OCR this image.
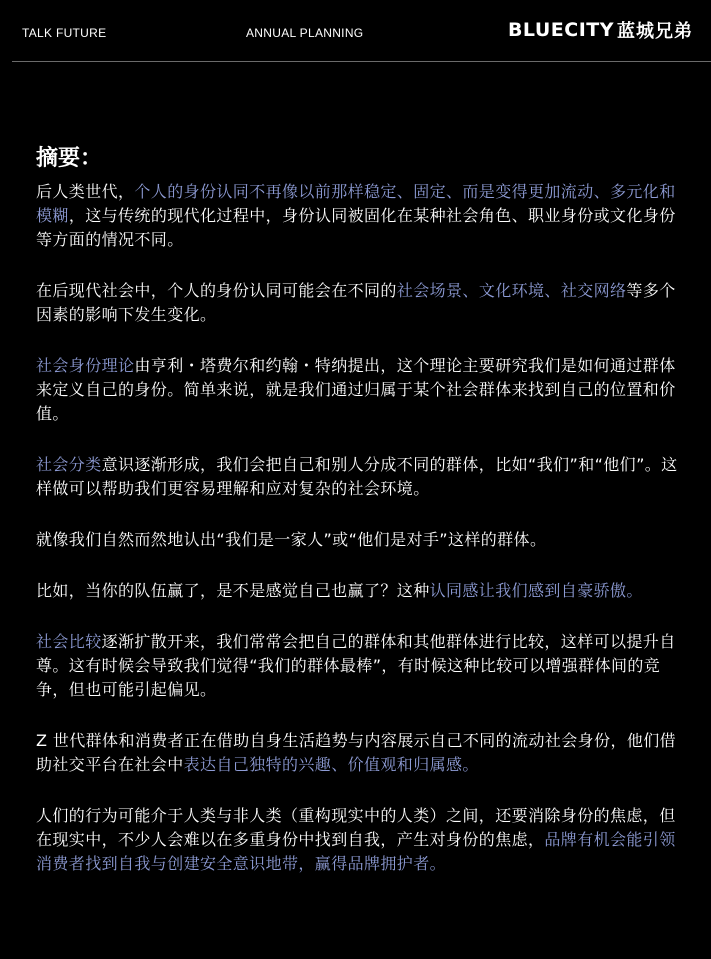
TALK FUTURE	ANNUAL PLANNING	BLUECITY 蓝城兄弟
摘要：

后人类世代，个人的身份认同不再像以前那样稳定、固定、而是变得更加流动、多元化和模糊，这与传统的现代化过程中，身份认同被固化在某种社会角色、职业身份或文化身份等方面的情况不同。

在后现代社会中，个人的身份认同可能会在不同的社会场景、文化环境、社交网络等多个因素的影响下发生变化。

社会身份理论由亨利・塔费尔和约翰・特纳提出，这个理论主要研究我们是如何通过群体来定义自己的身份。简单来说，就是我们通过归属于某个社会群体来找到自己的位置和价值。

社会分类意识逐渐形成，我们会把自己和别人分成不同的群体，比如“我们”和“他们”。这样做可以帮助我们更容易理解和应对复杂的社会环境。

就像我们自然而然地认出“我们是一家人”或“他们是对手”这样的群体。

比如，当你的队伍赢了，是不是感觉自己也赢了？这种认同感让我们感到自豪骄傲。

社会比较逐渐扩散开来，我们常常会把自己的群体和其他群体进行比较，这样可以提升自尊。这有时候会导致我们觉得“我们的群体最棒”，有时候这种比较可以增强群体间的竞争，但也可能引起偏见。

Z 世代群体和消费者正在借助自身生活趋势与内容展示自己不同的流动社会身份，他们借助社交平台在社会中表达自己独特的兴趣、价值观和归属感。

人们的行为可能介于人类与非人类（重构现实中的人类）之间，还要消除身份的焦虑，但在现实中，不少人会难以在多重身份中找到自我，产生对身份的焦虑，品牌有机会能引领消费者找到自我与创建安全意识地带，赢得品牌拥护者。
